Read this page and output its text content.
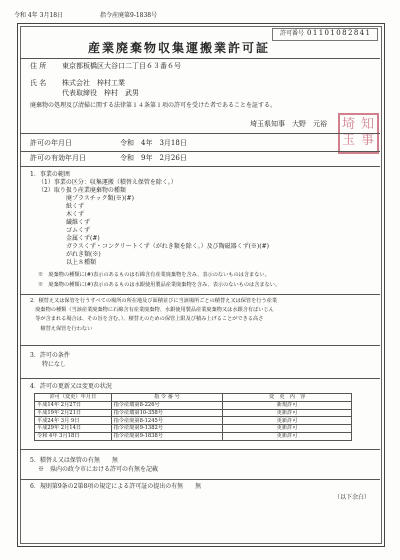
令和 4年 3月18日	指令産廃第9-1838号
許可番号 01101082841
産業廃棄物収集運搬業許可証
住 所 東京都板橋区大谷口二丁目６３番６号
氏 名 株式会社　梓村工業
代表取締役　梓村　武男
廃棄物の処理及び清掃に関する法律第１４条第１項の許可を受けた者であることを証する。
埼玉県知事　大野　元裕 埼
玉
知
事
許可の年月日	令和　4年　3月18日
許可の有効年月日	令和　9年　2月26日
1．事業の範囲
（1）事業の区分：収集運搬（積替え保管を除く。）
（2）取り扱う産業廃棄物の種類
廃プラスチック類(※)(#)
紙くず
木くず
繊維くず
ゴムくず
金属くず(#)
ガラスくず・コンクリートくず（がれき類を除く。）及び陶磁器くず(※)(#)
がれき類(※)
以上８種類
※　廃棄物の種類に(#)表示のあるものは石綿含有産業廃棄物を含み、表示のないものは含まない。
※　廃棄物の種類に(#)表示のあるものは水銀使用製品産業廃棄物を含み、表示のないものは含まない。
2．積替え又は保管を行うすべての場所の所在地及び面積並びに当該場所ごとの積替え又は保管を行う産業
　廃棄物の種類（当該産業廃棄物に石綿含有産業廃棄物、水銀使用製品産業廃棄物又は水銀含有ばいじん
　等が含まれる場合は、その旨を含む。）、積替えのための保管上限及び積み上げることができる高さ
　　積替え保管を行わない
3．許可の条件
特になし
4．許可の更新又は変更の状況
許可（変更）年月日	指 令 番 号	変　更　内　容
平成14年 2月27日	指令産環第8-226号	新規許可
平成19年 2月21日	指令産環第10-358号	更新許可
平成24年 3月 9日	指令産廃第8-1245号	更新許可
平成29年 2月14日	指令産廃第9-1382号	更新許可
令和 4年 3月18日	指令産廃第9-1838号	更新許可
5．積替え又は保管の有無　　無
※　県内の政令市における許可の有無を記載
6．規則第9条の2第8項の規定による許可証の提出の有無　　無
（以下余白）
